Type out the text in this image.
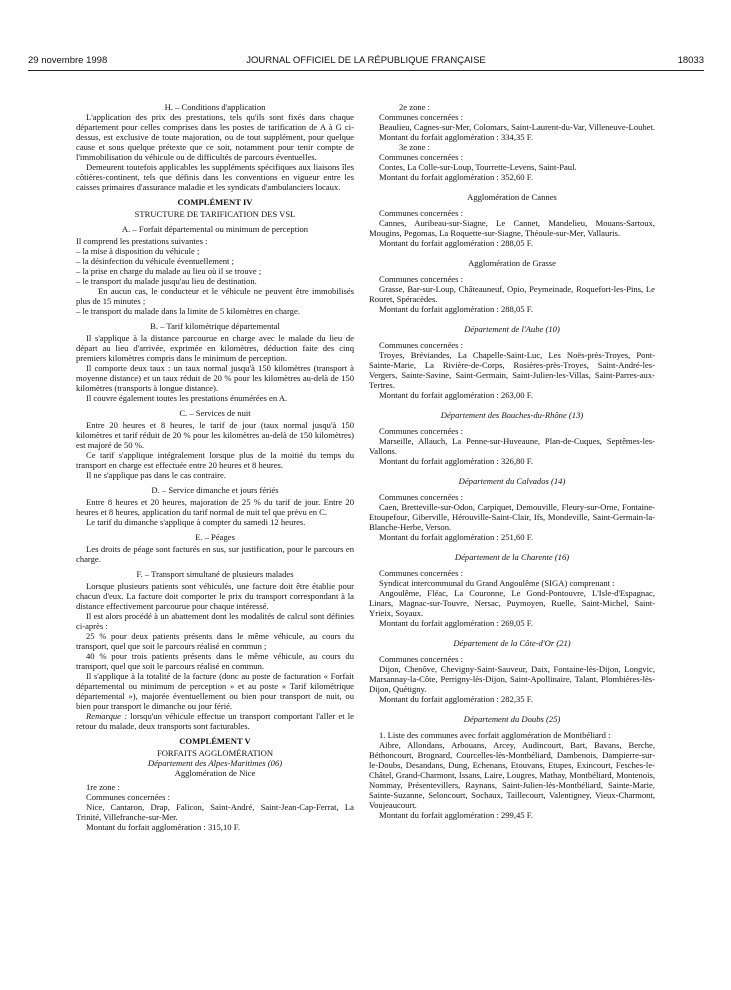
29 novembre 1998	JOURNAL OFFICIEL DE LA RÉPUBLIQUE FRANÇAISE	18033

H. – Conditions d'application

L'application des prix des prestations, tels qu'ils sont fixés dans chaque département pour celles comprises dans les postes de tarification de A à G ci-dessus, est exclusive de toute majoration, ou de tout supplément, pour quelque cause et sous quelque prétexte que ce soit, notamment pour tenir compte de l'immobilisation du véhicule ou de difficultés de parcours éventuelles.

Demeurent toutefois applicables les suppléments spécifiques aux liaisons îles côtières-continent, tels que définis dans les conventions en vigueur entre les caisses primaires d'assurance maladie et les syndicats d'ambulanciers locaux.

COMPLÉMENT IV

STRUCTURE DE TARIFICATION DES VSL

A. – Forfait départemental ou minimum de perception

Il comprend les prestations suivantes :

– la mise à disposition du véhicule ;

– la désinfection du véhicule éventuellement ;

– la prise en charge du malade au lieu où il se trouve ;

– le transport du malade jusqu'au lieu de destination.

En aucun cas, le conducteur et le véhicule ne peuvent être immobilisés plus de 15 minutes ;

– le transport du malade dans la limite de 5 kilomètres en charge.

B. – Tarif kilométrique départemental

Il s'applique à la distance parcourue en charge avec le malade du lieu de départ au lieu d'arrivée, exprimée en kilomètres, déduction faite des cinq premiers kilomètres compris dans le minimum de perception.

Il comporte deux taux : un taux normal jusqu'à 150 kilomètres (transport à moyenne distance) et un taux réduit de 20 % pour les kilomètres au-delà de 150 kilomètres (transports à longue distance).

Il couvre également toutes les prestations énumérées en A.

C. – Services de nuit

Entre 20 heures et 8 heures, le tarif de jour (taux normal jusqu'à 150 kilomètres et tarif réduit de 20 % pour les kilomètres au-delà de 150 kilomètres) est majoré de 50 %.

Ce tarif s'applique intégralement lorsque plus de la moitié du temps du transport en charge est effectuée entre 20 heures et 8 heures.

Il ne s'applique pas dans le cas contraire.

D. – Service dimanche et jours fériés

Entre 8 heures et 20 heures, majoration de 25 % du tarif de jour. Entre 20 heures et 8 heures, application du tarif normal de nuit tel que prévu en C.

Le tarif du dimanche s'applique à compter du samedi 12 heures.

E. – Péages

Les droits de péage sont facturés en sus, sur justification, pour le parcours en charge.

F. – Transport simultané de plusieurs malades

Lorsque plusieurs patients sont véhiculés, une facture doit être établie pour chacun d'eux. La facture doit comporter le prix du transport correspondant à la distance effectivement parcourue pour chaque intéressé.

Il est alors procédé à un abattement dont les modalités de calcul sont définies ci-après :

25 % pour deux patients présents dans le même véhicule, au cours du transport, quel que soit le parcours réalisé en commun ;

40 % pour trois patients présents dans le même véhicule, au cours du transport, quel que soit le parcours réalisé en commun.

Il s'applique à la totalité de la facture (donc au poste de facturation « Forfait départemental ou minimum de perception » et au poste « Tarif kilométrique départemental »), majorée éventuellement ou bien pour transport de nuit, ou bien pour transport le dimanche ou jour férié.

Remarque : lorsqu'un véhicule effectue un transport comportant l'aller et le retour du malade, deux transports sont facturables.

COMPLÉMENT V

FORFAITS AGGLOMÉRATION

Département des Alpes-Maritimes (06)

Agglomération de Nice

1re zone :

Communes concernées :

Nice, Cantaron, Drap, Falicon, Saint-André, Saint-Jean-Cap-Ferrat, La Trinité, Villefranche-sur-Mer.

Montant du forfait agglomération : 315,10 F.

2e zone :

Communes concernées :

Beaulieu, Cagnes-sur-Mer, Colomars, Saint-Laurent-du-Var, Villeneuve-Loubet.

Montant du forfait agglomération : 334,35 F.

3e zone :

Communes concernées :

Contes, La Colle-sur-Loup, Tourrette-Levens, Saint-Paul.

Montant du forfait agglomération : 352,60 F.

Agglomération de Cannes

Communes concernées :

Cannes, Auribeau-sur-Siagne, Le Cannet, Mandelieu, Mouans-Sartoux, Mougins, Pegomas, La Roquette-sur-Siagne, Théoule-sur-Mer, Vallauris.

Montant du forfait agglomération : 288,05 F.

Agglomération de Grasse

Communes concernées :

Grasse, Bar-sur-Loup, Châteauneuf, Opio, Peymeinade, Roquefort-les-Pins, Le Rouret, Spéracèdes.

Montant du forfait agglomération : 288,05 F.

Département de l'Aube (10)

Communes concernées :

Troyes, Bréviandes, La Chapelle-Saint-Luc, Les Noës-près-Troyes, Pont-Sainte-Marie, La Rivière-de-Corps, Rosières-près-Troyes, Saint-André-les-Vergers, Sainte-Savine, Saint-Germain, Saint-Julien-les-Villas, Saint-Parres-aux-Tertres.

Montant du forfait agglomération : 263,00 F.

Département des Bouches-du-Rhône (13)

Communes concernées :

Marseille, Allauch, La Penne-sur-Huveaune, Plan-de-Cuques, Septêmes-les-Vallons.

Montant du forfait agglomération : 326,80 F.

Département du Calvados (14)

Communes concernées :

Caen, Bretteville-sur-Odon, Carpiquet, Demouville, Fleury-sur-Orne, Fontaine-Etoupefour, Giberville, Hérouville-Saint-Clair, Ifs, Mondeville, Saint-Germain-la-Blanche-Herbe, Verson.

Montant du forfait agglomération : 251,60 F.

Département de la Charente (16)

Communes concernées :

Syndicat intercommunal du Grand Angoulême (SIGA) comprenant :

Angoulême, Fléac, La Couronne, Le Gond-Pontouvre, L'Isle-d'Espagnac, Linars, Magnac-sur-Touvre, Nersac, Puymoyen, Ruelle, Saint-Michel, Saint-Yrieix, Soyaux.

Montant du forfait agglomération : 269,05 F.

Département de la Côte-d'Or (21)

Communes concernées :

Dijon, Chenôve, Chevigny-Saint-Sauveur, Daix, Fontaine-lès-Dijon, Longvic, Marsannay-la-Côte, Perrigny-lès-Dijon, Saint-Apollinaire, Talant, Plombières-lès-Dijon, Quétigny.

Montant du forfait agglomération : 282,35 F.

Département du Doubs (25)

1. Liste des communes avec forfait agglomération de Montbéliard :

Aibre, Allondans, Arbouans, Arcey, Audincourt, Bart, Bavans, Berche, Béthoncourt, Brognard, Courcelles-lès-Montbéliard, Dambenois, Dampierre-sur-le-Doubs, Desandans, Dung, Echenans, Etouvans, Etupes, Exincourt, Fesches-le-Châtel, Grand-Charmont, Issans, Laire, Lougres, Mathay, Montbéliard, Montenois, Nommay, Présentevillers, Raynans, Saint-Julien-lès-Montbéliard, Sainte-Marie, Sainte-Suzanne, Seloncourt, Sochaux, Taillecourt, Valentigney, Vieux-Charmont, Voujeaucourt.

Montant du forfait agglomération : 299,45 F.
